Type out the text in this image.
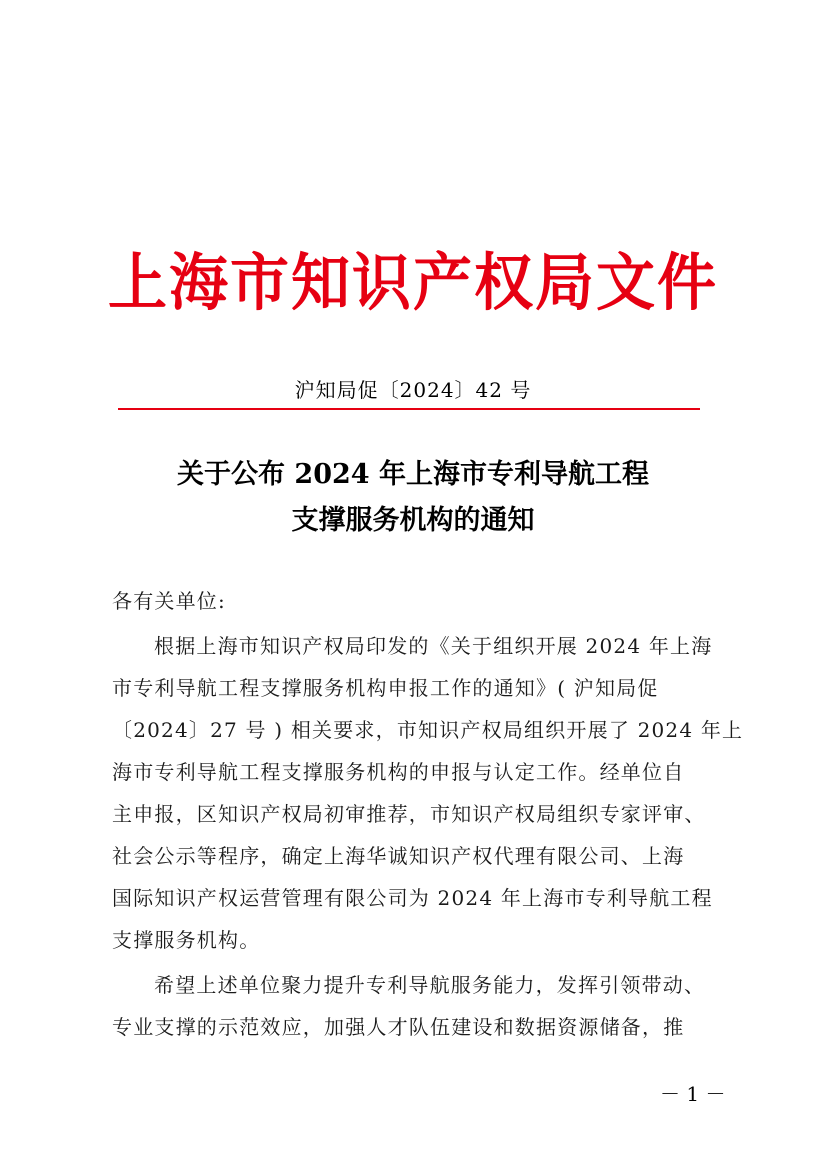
上海市知识产权局文件
沪知局促〔2024〕42 号
关于公布 2024 年上海市专利导航工程
支撑服务机构的通知
各有关单位:
根据上海市知识产权局印发的《关于组织开展 2024 年上海
市专利导航工程支撑服务机构申报工作的通知》( 沪知局促
〔2024〕27 号 ) 相关要求，市知识产权局组织开展了 2024 年上
海市专利导航工程支撑服务机构的申报与认定工作。经单位自
主申报，区知识产权局初审推荐，市知识产权局组织专家评审、
社会公示等程序，确定上海华诚知识产权代理有限公司、上海
国际知识产权运营管理有限公司为 2024 年上海市专利导航工程
支撑服务机构。
希望上述单位聚力提升专利导航服务能力，发挥引领带动、
专业支撑的示范效应，加强人才队伍建设和数据资源储备，推
－ 1 －
